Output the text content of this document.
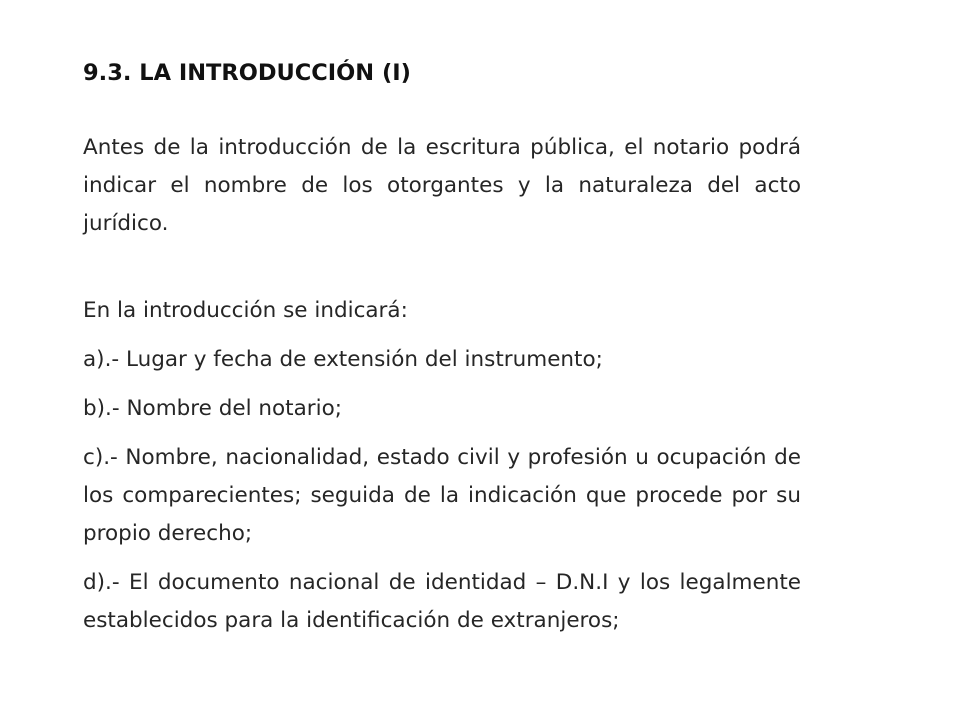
9.3. LA INTRODUCCIÓN (I)

Antes de la introducción de la escritura pública, el notario podrá indicar el nombre de los otorgantes y la naturaleza del acto jurídico.

En la introducción se indicará:

a).- Lugar y fecha de extensión del instrumento;

b).- Nombre del notario;

c).- Nombre, nacionalidad, estado civil y profesión u ocupación de los comparecientes; seguida de la indicación que procede por su propio derecho;

d).- El documento nacional de identidad – D.N.I y los legalmente establecidos para la identificación de extranjeros;
